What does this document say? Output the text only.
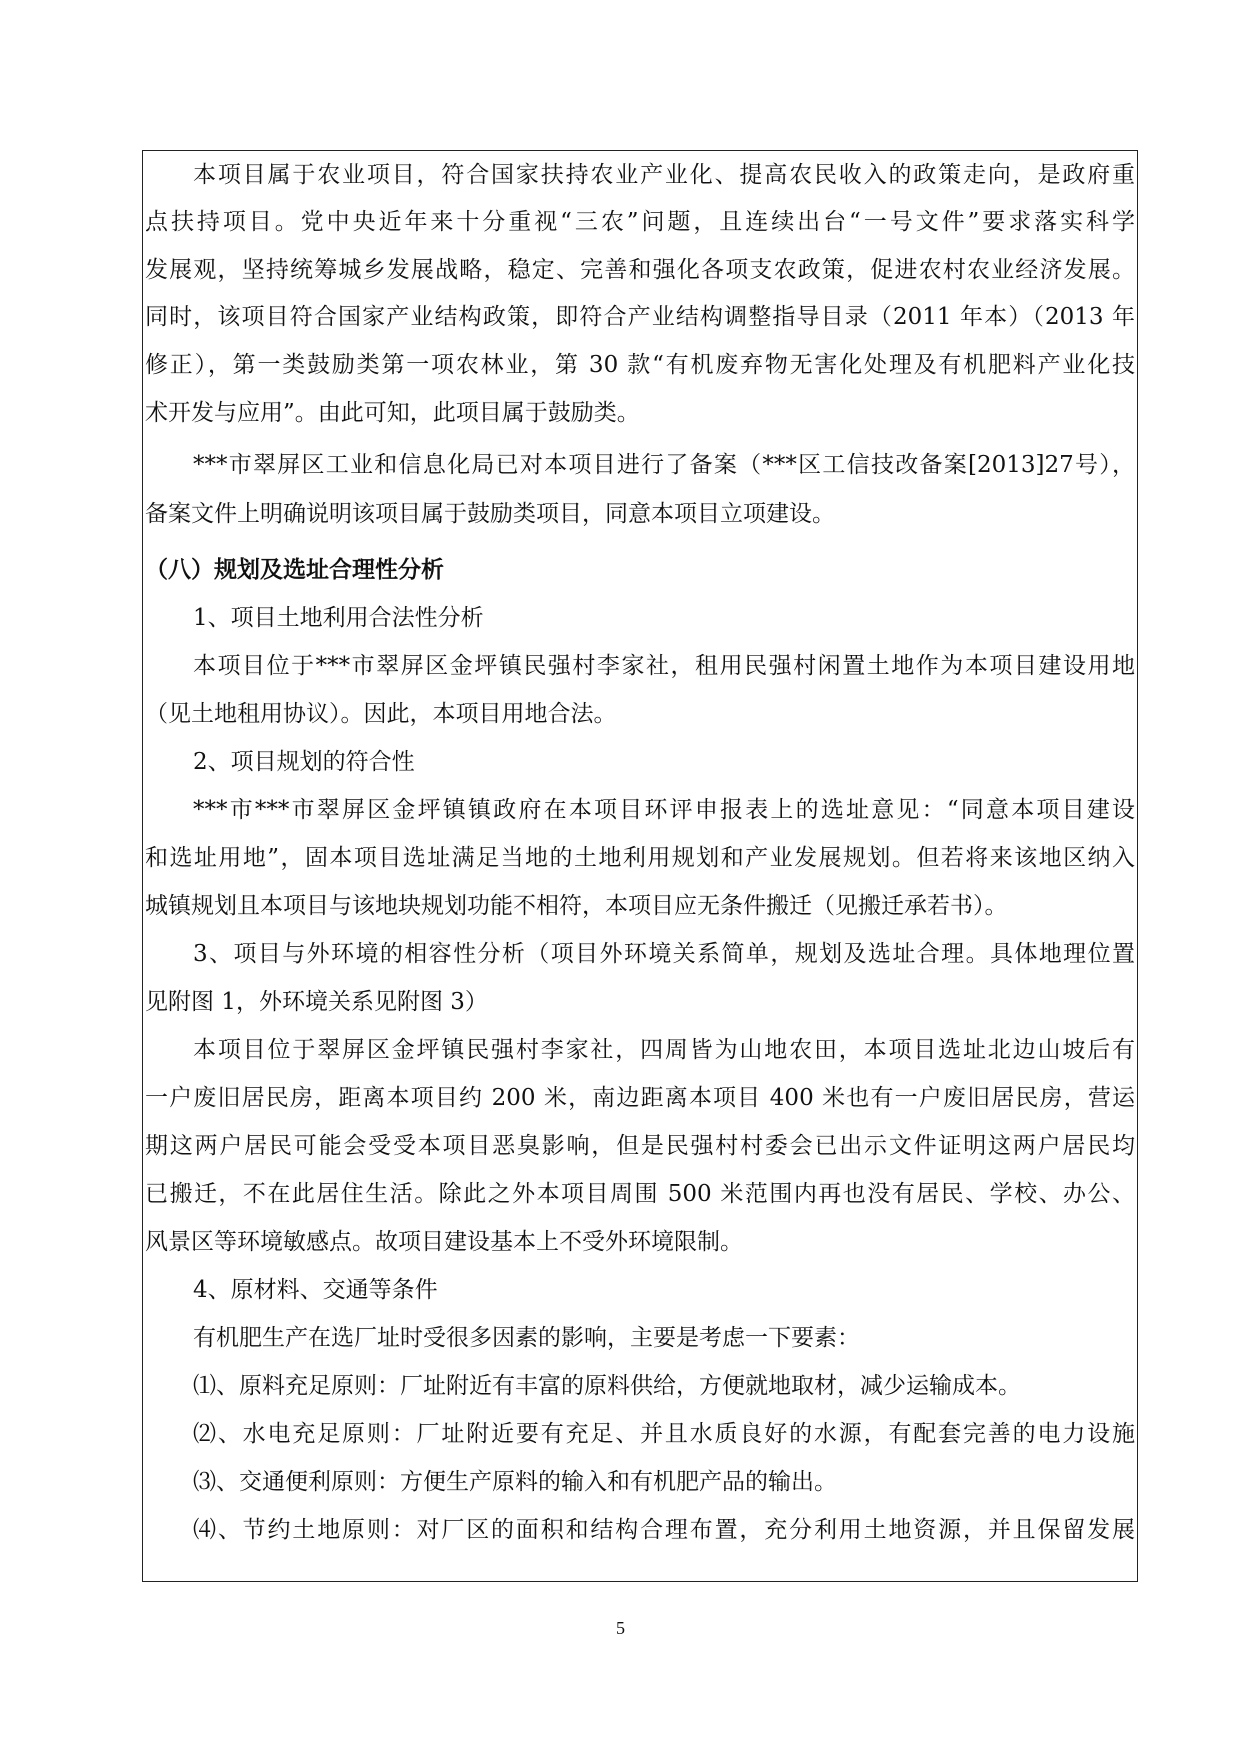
本项目属于农业项目，符合国家扶持农业产业化、提高农民收入的政策走向，是政府重
点扶持项目。党中央近年来十分重视“三农”问题，且连续出台“一号文件”要求落实科学
发展观，坚持统筹城乡发展战略，稳定、完善和强化各项支农政策，促进农村农业经济发展。
同时，该项目符合国家产业结构政策，即符合产业结构调整指导目录（2011 年本）（2013 年
修正），第一类鼓励类第一项农林业，第 30 款“有机废弃物无害化处理及有机肥料产业化技
术开发与应用”。由此可知，此项目属于鼓励类。
***市翠屏区工业和信息化局已对本项目进行了备案（***区工信技改备案[2013]27号），
备案文件上明确说明该项目属于鼓励类项目，同意本项目立项建设。
（八）规划及选址合理性分析
1、项目土地利用合法性分析
本项目位于***市翠屏区金坪镇民强村李家社，租用民强村闲置土地作为本项目建设用地
（见土地租用协议）。因此，本项目用地合法。
2、项目规划的符合性
***市***市翠屏区金坪镇镇政府在本项目环评申报表上的选址意见：“同意本项目建设
和选址用地”，固本项目选址满足当地的土地利用规划和产业发展规划。但若将来该地区纳入
城镇规划且本项目与该地块规划功能不相符，本项目应无条件搬迁（见搬迁承若书）。
3、项目与外环境的相容性分析（项目外环境关系简单，规划及选址合理。具体地理位置
见附图 1，外环境关系见附图 3）
本项目位于翠屏区金坪镇民强村李家社，四周皆为山地农田，本项目选址北边山坡后有
一户废旧居民房，距离本项目约 200 米，南边距离本项目 400 米也有一户废旧居民房，营运
期这两户居民可能会受受本项目恶臭影响，但是民强村村委会已出示文件证明这两户居民均
已搬迁，不在此居住生活。除此之外本项目周围 500 米范围内再也没有居民、学校、办公、
风景区等环境敏感点。故项目建设基本上不受外环境限制。
4、原材料、交通等条件
有机肥生产在选厂址时受很多因素的影响，主要是考虑一下要素：
⑴、原料充足原则：厂址附近有丰富的原料供给，方便就地取材，减少运输成本。
⑵、水电充足原则：厂址附近要有充足、并且水质良好的水源，有配套完善的电力设施
⑶、交通便利原则：方便生产原料的输入和有机肥产品的输出。
⑷、节约土地原则：对厂区的面积和结构合理布置，充分利用土地资源，并且保留发展
5
